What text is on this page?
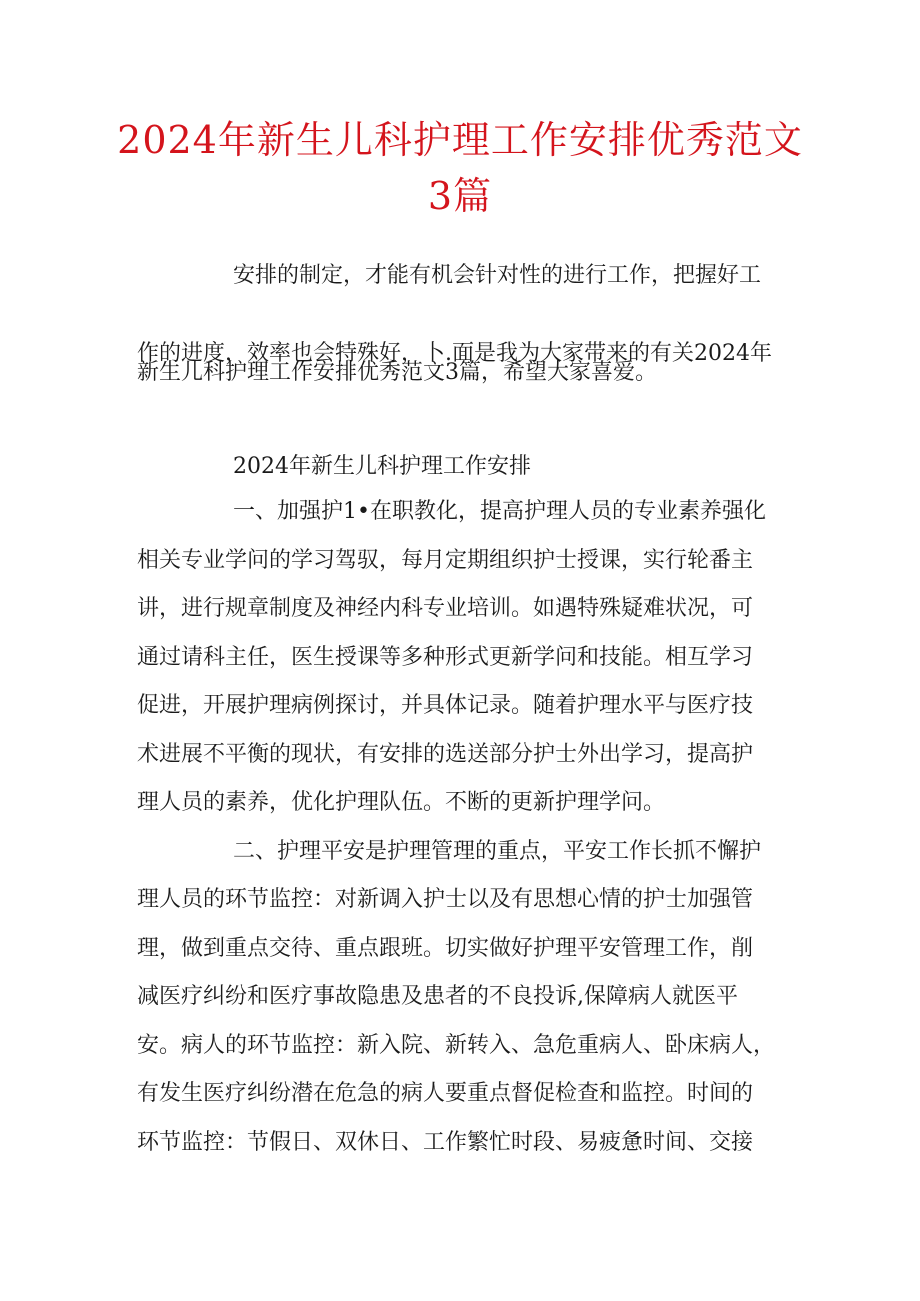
2024年新生儿科护理工作安排优秀范文
3篇
安排的制定，才能有机会针对性的进行工作，把握好工
作的进度，效率也会特殊好，卜.面是我为大家带来的有关2024年
新生儿科护理工作安排优秀范文3篇，希望大家喜爱。
2024年新生儿科护理工作安排
一、加强护1•在职教化，提高护理人员的专业素养强化
相关专业学问的学习驾驭，每月定期组织护士授课，实行轮番主
讲，进行规章制度及神经内科专业培训。如遇特殊疑难状况，可
通过请科主任，医生授课等多种形式更新学问和技能。相互学习
促进，开展护理病例探讨，并具体记录。随着护理水平与医疗技
术进展不平衡的现状，有安排的选送部分护士外出学习，提高护
理人员的素养，优化护理队伍。不断的更新护理学问。
二、护理平安是护理管理的重点，平安工作长抓不懈护
理人员的环节监控：对新调入护士以及有思想心情的护士加强管
理，做到重点交待、重点跟班。切实做好护理平安管理工作，削
减医疗纠纷和医疗事故隐患及患者的不良投诉,保障病人就医平
安。病人的环节监控：新入院、新转入、急危重病人、卧床病人，
有发生医疗纠纷潜在危急的病人要重点督促检查和监控。时间的
环节监控：节假日、双休日、工作繁忙时段、易疲惫时间、交接
